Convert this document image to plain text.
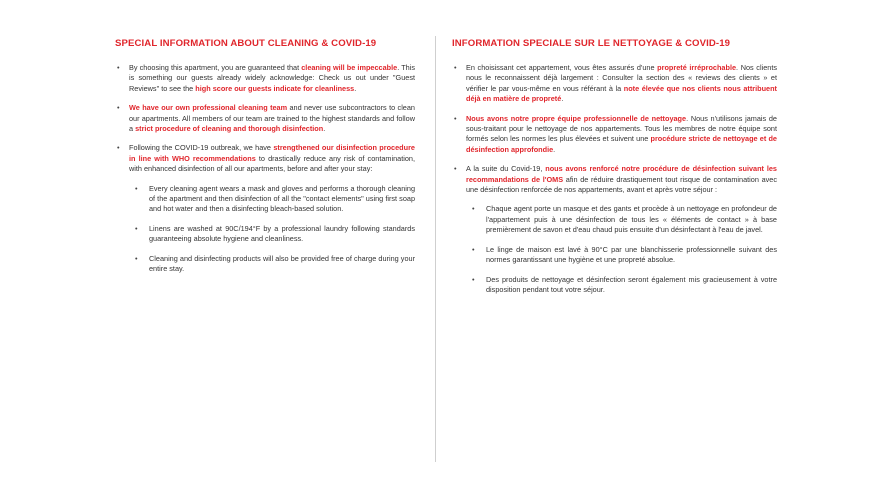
SPECIAL INFORMATION ABOUT CLEANING & COVID-19
• By choosing this apartment, you are guaranteed that cleaning will be impeccable. This is something our guests already widely acknowledge: Check us out under "Guest Reviews" to see the high score our guests indicate for cleanliness.
• We have our own professional cleaning team and never use subcontractors to clean our apartments. All members of our team are trained to the highest standards and follow a strict procedure of cleaning and thorough disinfection.
• Following the COVID-19 outbreak, we have strengthened our disinfection procedure in line with WHO recommendations to drastically reduce any risk of contamination, with enhanced disinfection of all our apartments, before and after your stay:
• Every cleaning agent wears a mask and gloves and performs a thorough cleaning of the apartment and then disinfection of all the "contact elements" using first soap and hot water and then a disinfecting bleach-based solution.
• Linens are washed at 90C/194°F by a professional laundry following standards guaranteeing absolute hygiene and cleanliness.
• Cleaning and disinfecting products will also be provided free of charge during your entire stay.
INFORMATION SPECIALE SUR LE NETTOYAGE & COVID-19
• En choisissant cet appartement, vous êtes assurés d'une propreté irréprochable. Nos clients nous le reconnaissent déjà largement : Consulter la section des « reviews des clients » et vérifier le par vous-même en vous référant à la note élevée que nos clients nous attribuent déjà en matière de propreté.
• Nous avons notre propre équipe professionnelle de nettoyage. Nous n'utilisons jamais de sous-traitant pour le nettoyage de nos appartements. Tous les membres de notre équipe sont formés selon les normes les plus élevées et suivent une procédure stricte de nettoyage et de désinfection approfondie.
• A la suite du Covid-19, nous avons renforcé notre procédure de désinfection suivant les recommandations de l'OMS afin de réduire drastiquement tout risque de contamination avec une désinfection renforcée de nos appartements, avant et après votre séjour :
• Chaque agent porte un masque et des gants et procède à un nettoyage en profondeur de l'appartement puis à une désinfection de tous les « éléments de contact » à base premièrement de savon et d'eau chaud puis ensuite d'un désinfectant à l'eau de javel.
• Le linge de maison est lavé à 90°C par une blanchisserie professionnelle suivant des normes garantissant une hygiène et une propreté absolue.
• Des produits de nettoyage et désinfection seront également mis gracieusement à votre disposition pendant tout votre séjour.
